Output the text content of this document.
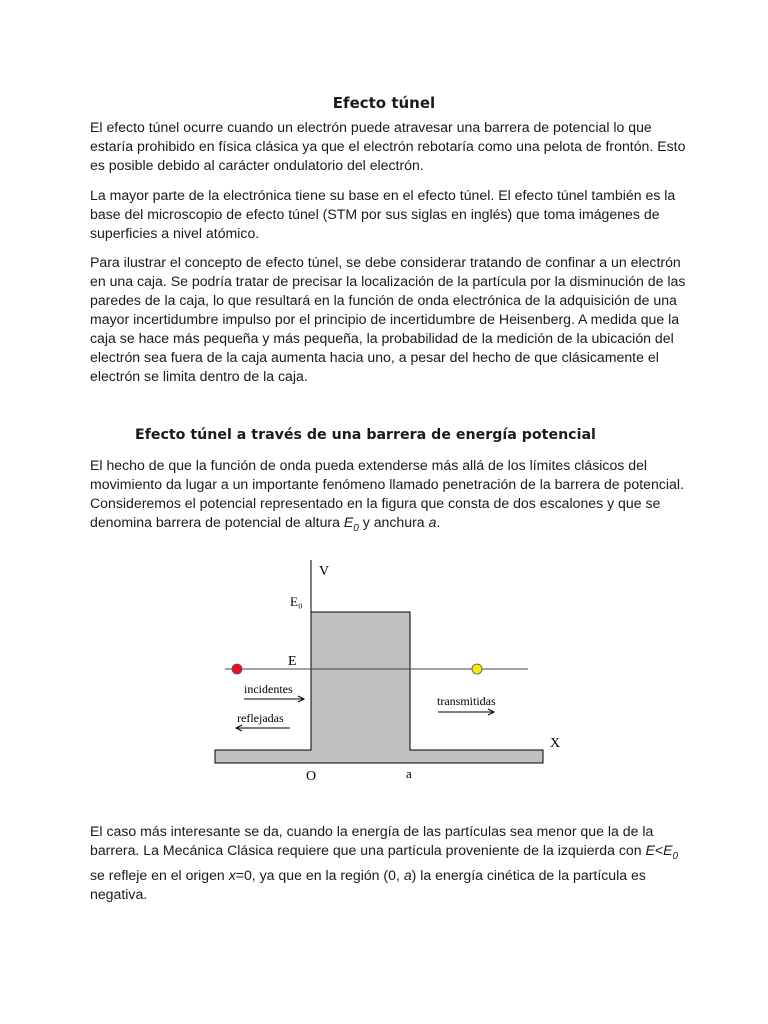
Efecto túnel

El efecto túnel ocurre cuando un electrón puede atravesar una barrera de potencial lo que estaría prohibido en física clásica ya que el electrón rebotaría como una pelota de frontón. Esto es posible debido al carácter ondulatorio del electrón.

La mayor parte de la electrónica tiene su base en el efecto túnel. El efecto túnel también es la base del microscopio de efecto túnel (STM por sus siglas en inglés) que toma imágenes de superficies a nivel atómico.

Para ilustrar el concepto de efecto túnel, se debe considerar tratando de confinar a un electrón en una caja. Se podría tratar de precisar la localización de la partícula por la disminución de las paredes de la caja, lo que resultará en la función de onda electrónica de la adquisición de una mayor incertidumbre impulso por el principio de incertidumbre de Heisenberg. A medida que la caja se hace más pequeña y más pequeña, la probabilidad de la medición de la ubicación del electrón sea fuera de la caja aumenta hacia uno, a pesar del hecho de que clásicamente el electrón se limita dentro de la caja.

Efecto túnel a través de una barrera de energía potencial

El hecho de que la función de onda pueda extenderse más allá de los límites clásicos del movimiento da lugar a un importante fenómeno llamado penetración de la barrera de potencial. Consideremos el potencial representado en la figura que consta de dos escalones y que se denomina barrera de potencial de altura $E_0$ y anchura a.

V
E₀
E
incidentes
reflejadas
transmitidas
X
O	a

El caso más interesante se da, cuando la energía de las partículas sea menor que la de la barrera. La Mecánica Clásica requiere que una partícula proveniente de la izquierda con $E<E_0$ se refleje en el origen x=0, ya que en la región (0, a) la energía cinética de la partícula es negativa.
